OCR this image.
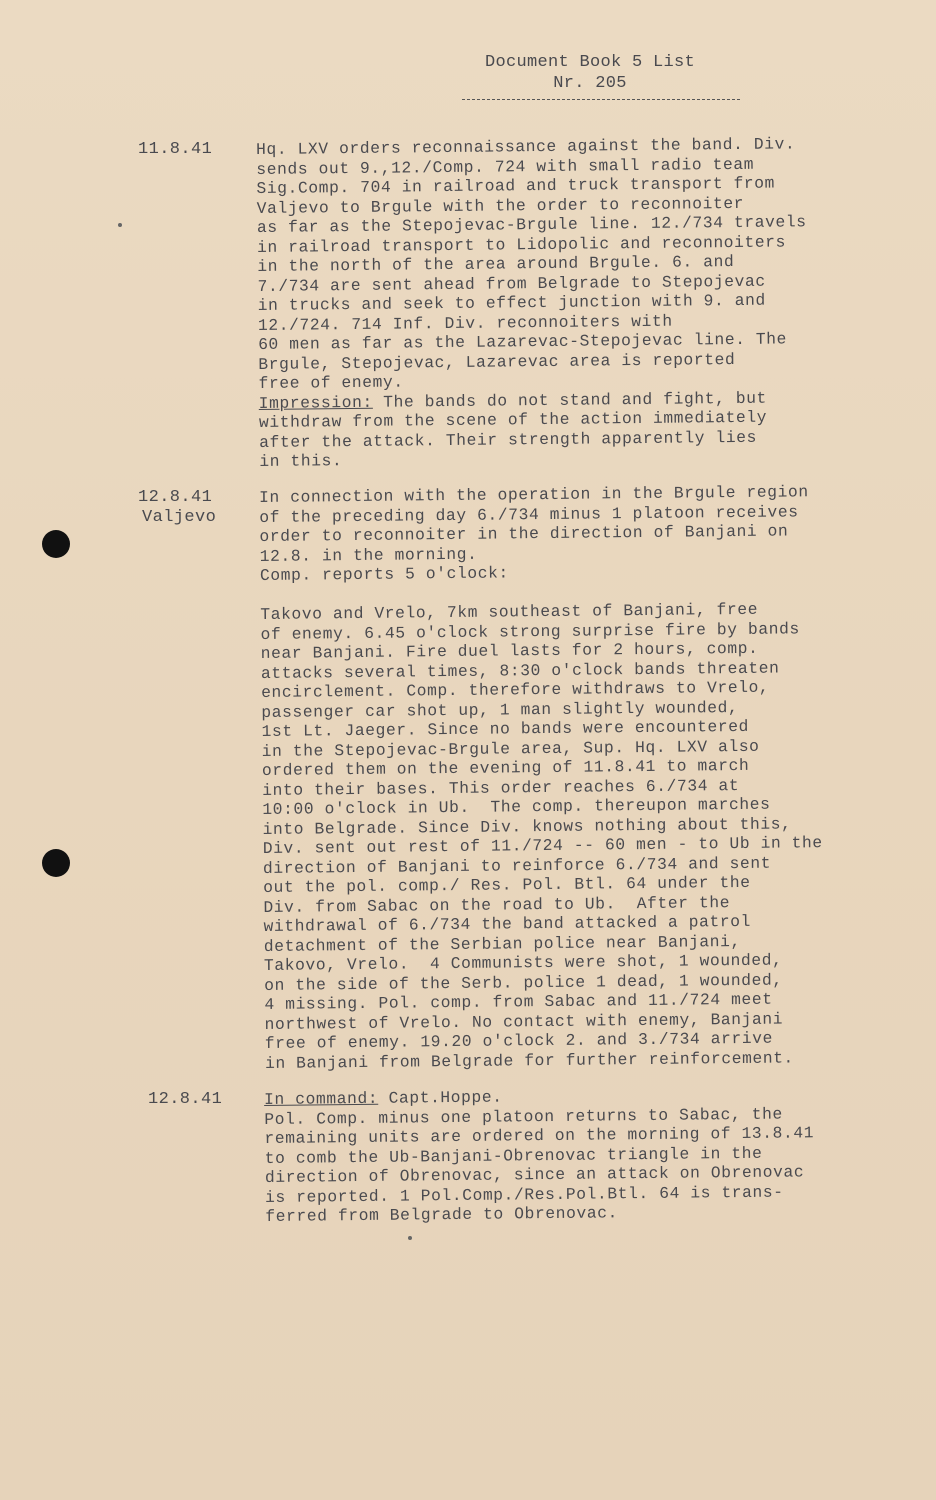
Document Book 5 List
Nr. 205
11.8.41	Hq. LXV orders reconnaissance against the band. Div.
sends out 9.,12./Comp. 724 with small radio team
Sig.Comp. 704 in railroad and truck transport from
Valjevo to Brgule with the order to reconnoiter
as far as the Stepojevac-Brgule line. 12./734 travels
in railroad transport to Lidopolic and reconnoiters
in the north of the area around Brgule. 6. and
7./734 are sent ahead from Belgrade to Stepojevac
in trucks and seek to effect junction with 9. and
12./724. 714 Inf. Div. reconnoiters with
60 men as far as the Lazarevac-Stepojevac line. The
Brgule, Stepojevac, Lazarevac area is reported
free of enemy.
Impression: The bands do not stand and fight, but
withdraw from the scene of the action immediately
after the attack. Their strength apparently lies
in this.
12.8.41
Valjevo
In connection with the operation in the Brgule region
of the preceding day 6./734 minus 1 platoon receives
order to reconnoiter in the direction of Banjani on
12.8. in the morning.
Comp. reports 5 o'clock:

Takovo and Vrelo, 7km southeast of Banjani, free
of enemy. 6.45 o'clock strong surprise fire by bands
near Banjani. Fire duel lasts for 2 hours, comp.
attacks several times, 8:30 o'clock bands threaten
encirclement. Comp. therefore withdraws to Vrelo,
passenger car shot up, 1 man slightly wounded,
1st Lt. Jaeger. Since no bands were encountered
in the Stepojevac-Brgule area, Sup. Hq. LXV also
ordered them on the evening of 11.8.41 to march
into their bases. This order reaches 6./734 at
10:00 o'clock in Ub.  The comp. thereupon marches
into Belgrade. Since Div. knows nothing about this,
Div. sent out rest of 11./724 -- 60 men - to Ub in the
direction of Banjani to reinforce 6./734 and sent
out the pol. comp./ Res. Pol. Btl. 64 under the
Div. from Sabac on the road to Ub.  After the
withdrawal of 6./734 the band attacked a patrol
detachment of the Serbian police near Banjani,
Takovo, Vrelo.  4 Communists were shot, 1 wounded,
on the side of the Serb. police 1 dead, 1 wounded,
4 missing. Pol. comp. from Sabac and 11./724 meet
northwest of Vrelo. No contact with enemy, Banjani
free of enemy. 19.20 o'clock 2. and 3./734 arrive
in Banjani from Belgrade for further reinforcement.
12.8.41	In command: Capt.Hoppe.
Pol. Comp. minus one platoon returns to Sabac, the
remaining units are ordered on the morning of 13.8.41
to comb the Ub-Banjani-Obrenovac triangle in the
direction of Obrenovac, since an attack on Obrenovac
is reported. 1 Pol.Comp./Res.Pol.Btl. 64 is trans-
ferred from Belgrade to Obrenovac.
